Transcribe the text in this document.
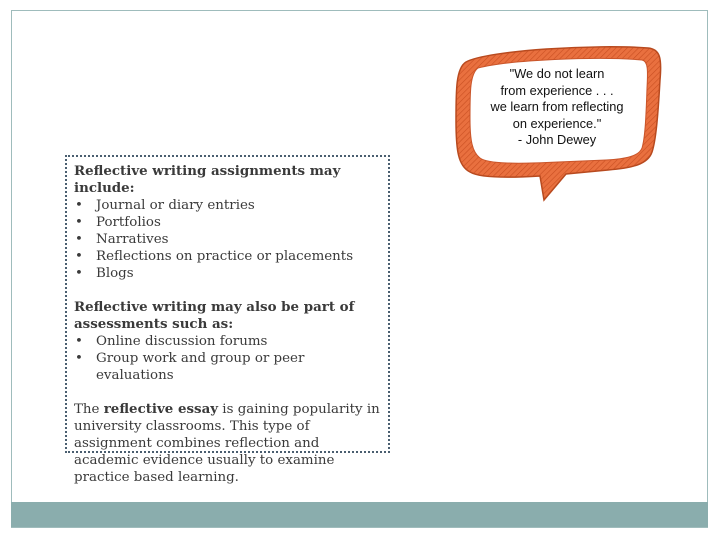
"We do not learn
from experience . . .
we learn from reflecting
on experience."
- John Dewey

Reflective writing assignments may include:

• Journal or diary entries
• Portfolios
• Narratives
• Reflections on practice or placements
• Blogs

Reflective writing may also be part of assessments such as:

• Online discussion forums
• Group work and group or peer evaluations

The reflective essay is gaining popularity in university classrooms. This type of assignment combines reflection and academic evidence usually to examine practice based learning.
